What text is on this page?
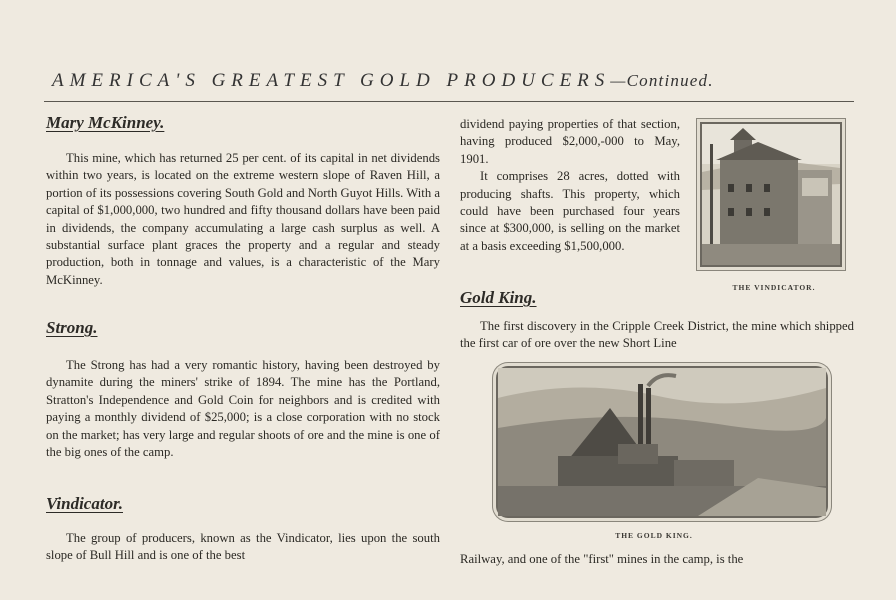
AMERICA'S GREATEST GOLD PRODUCERS—Continued.
Mary McKinney.

This mine, which has returned 25 per cent. of its capital in net dividends within two years, is located on the extreme western slope of Raven Hill, a portion of its possessions covering South Gold and North Guyot Hills. With a capital of $1,000,000, two hundred and fifty thousand dollars have been paid in dividends, the company accumulating a large cash surplus as well. A substantial surface plant graces the property and a regular and steady production, both in tonnage and values, is a characteristic of the Mary McKinney.

Strong.

The Strong has had a very romantic history, having been destroyed by dynamite during the miners' strike of 1894. The mine has the Portland, Stratton's Independence and Gold Coin for neighbors and is credited with paying a monthly dividend of $25,000; is a close corporation with no stock on the market; has very large and regular shoots of ore and the mine is one of the big ones of the camp.

Vindicator.

The group of producers, known as the Vindicator, lies upon the south slope of Bull Hill and is one of the best

dividend paying properties of that section, having produced $2,000,-000 to May, 1901.

It comprises 28 acres, dotted with producing shafts. This property, which could have been purchased four years since at $300,000, is selling on the market at a basis exceeding $1,500,000.

THE VINDICATOR.
Gold King.

The first discovery in the Cripple Creek District, the mine which shipped the first car of ore over the new Short Line

THE GOLD KING.

Railway, and one of the "first" mines in the camp, is the
